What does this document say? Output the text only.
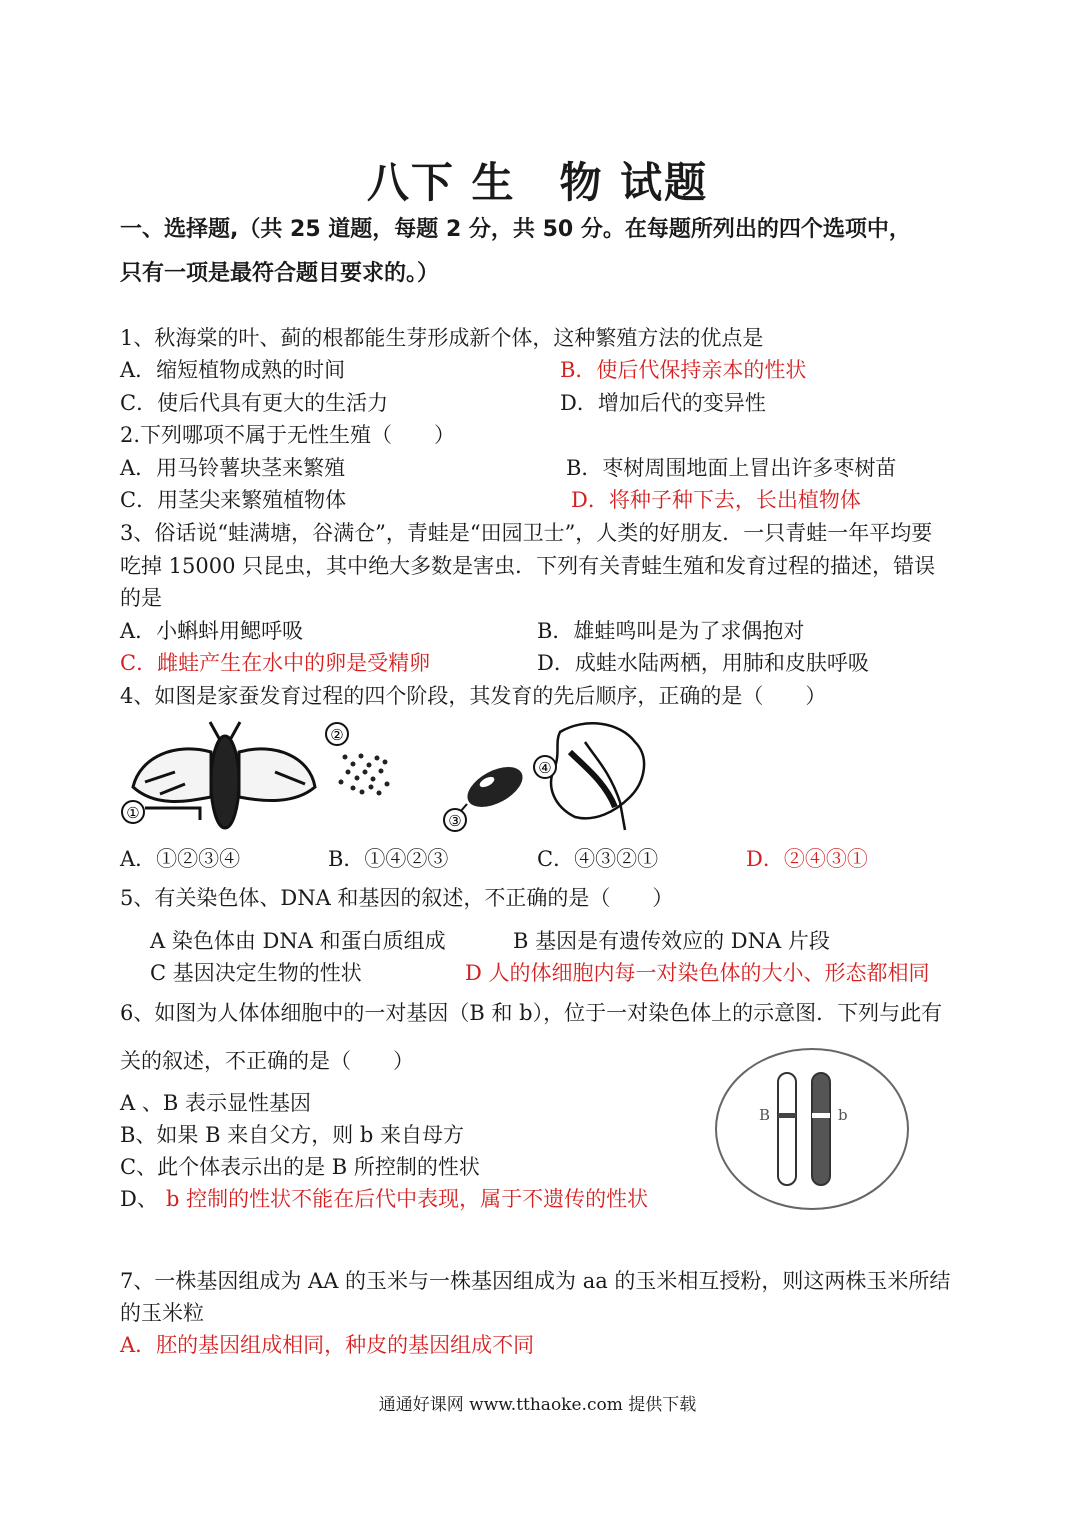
八下 生　物 试题
一、选择题,（共 25 道题，每题 2 分，共 50 分。在每题所列出的四个选项中，
只有一项是最符合题目要求的。）
1、秋海棠的叶、蓟的根都能生芽形成新个体，这种繁殖方法的优点是
A．缩短植物成熟的时间	B．使后代保持亲本的性状
C．使后代具有更大的生活力	D．增加后代的变异性
2.下列哪项不属于无性生殖（　　）
A．用马铃薯块茎来繁殖	B．枣树周围地面上冒出许多枣树苗
C．用茎尖来繁殖植物体	D．将种子种下去，长出植物体
3、俗话说“蛙满塘，谷满仓”，青蛙是“田园卫士”，人类的好朋友．一只青蛙一年平均要
吃掉 15000 只昆虫，其中绝大多数是害虫．下列有关青蛙生殖和发育过程的描述，错误
的是
A．小蝌蚪用鳃呼吸	B．雄蛙鸣叫是为了求偶抱对
C．雌蛙产生在水中的卵是受精卵	D．成蛙水陆两栖，用肺和皮肤呼吸
4、如图是家蚕发育过程的四个阶段，其发育的先后顺序，正确的是（　　）
①
②
③
④
A．①②③④	B．①④②③	C．④③②①	D．②④③①
5、有关染色体、DNA 和基因的叙述，不正确的是（　　）
A 染色体由 DNA 和蛋白质组成	B 基因是有遗传效应的 DNA 片段
C 基因决定生物的性状	D 人的体细胞内每一对染色体的大小、形态都相同
6、如图为人体体细胞中的一对基因（B 和 b），位于一对染色体上的示意图．下列与此有
关的叙述，不正确的是（　　）
A 、B 表示显性基因
B、如果 B 来自父方，则 b 来自母方
C、此个体表示出的是 B 所控制的性状
D、 b 控制的性状不能在后代中表现，属于不遗传的性状
B	b
7、一株基因组成为 AA 的玉米与一株基因组成为 aa 的玉米相互授粉，则这两株玉米所结
的玉米粒
A．胚的基因组成相同，种皮的基因组成不同
通通好课网 www.tthaoke.com 提供下载
